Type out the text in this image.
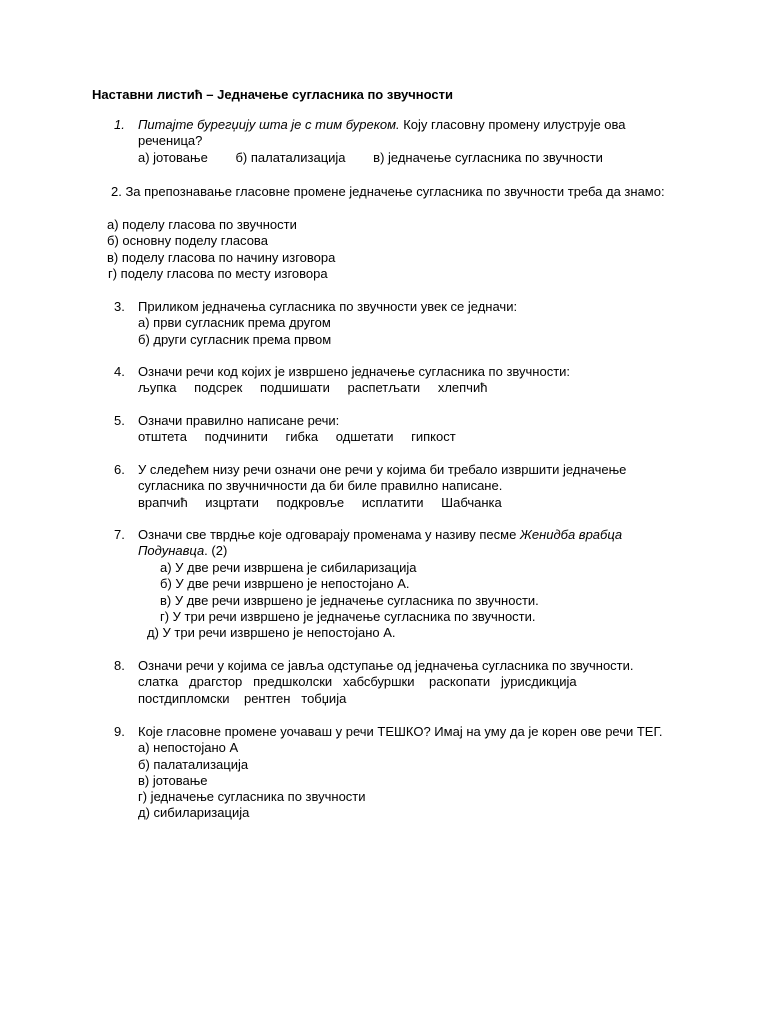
Наставни листић – Једначење сугласника по звучности
1. Питајте бурегџију шта је с тим буреком. Коју гласовну промену илуструје ова
реченица?
а) јотовање б) палатализација в) једначење сугласника по звучности
2. За препознавање гласовне промене једначење сугласника по звучности треба да знамо:
а) поделу гласова по звучности
б) основну поделу гласова
в) поделу гласова по начину изговора
г) поделу гласова по месту изговора
3. Приликом једначења сугласника по звучности увек се једначи:
а) први сугласник према другом
б) други сугласник према првом
4. Означи речи код којих је извршено једначење сугласника по звучности:
љупка подсрек подшишати распетљати хлепчић
5. Означи правилно написане речи:
отштета подчинити гибка одшетати гипкост
6. У следећем низу речи означи оне речи у којима би требало извршити једначење
сугласника по звучничности да би биле правилно написане.
врапчић изцртати подкровље исплатити Шабчанка
7. Означи све тврдње које одговарају променама у називу песме Женидба врабца
Подунавца. (2)
а) У две речи извршена је сибиларизација
б) У две речи извршено је непостојано А.
в) У две речи извршено је једначење сугласника по звучности.
г) У три речи извршено је једначење сугласника по звучности.
д) У три речи извршено је непостојано А.
8. Означи речи у којима се јавља одступање од једначења сугласника по звучности.
слатка   драгстор   предшколски   хабсбуршки    раскопати   јурисдикција
постдипломски    рентген   тобџија
9. Које гласовне промене уочаваш у речи ТЕШКО? Имај на уму да је корен ове речи ТЕГ.
а) непостојано А
б) палатализација
в) јотовање
г) једначење сугласника по звучности
д) сибиларизација
